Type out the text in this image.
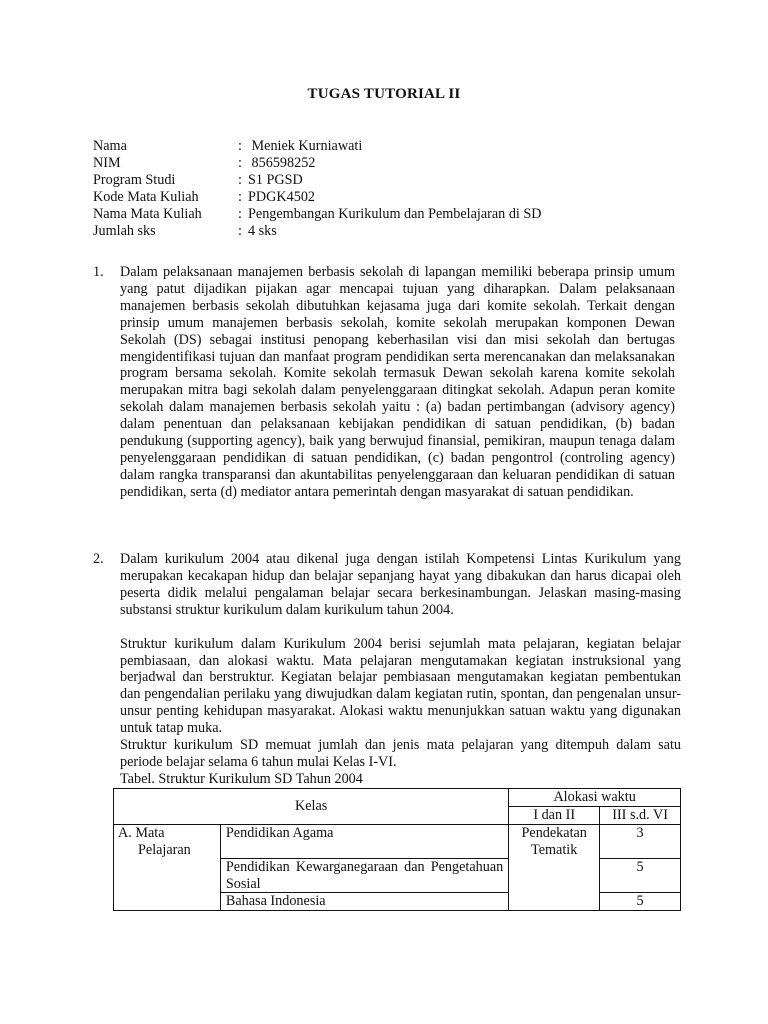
TUGAS TUTORIAL II
Nama	: Meniek Kurniawati
NIM	: 856598252
Program Studi	: S1 PGSD
Kode Mata Kuliah	: PDGK4502
Nama Mata Kuliah	: Pengembangan Kurikulum dan Pembelajaran di SD
Jumlah sks	: 4 sks
1.	Dalam pelaksanaan manajemen berbasis sekolah di lapangan memiliki beberapa prinsip umum yang patut dijadikan pijakan agar mencapai tujuan yang diharapkan. Dalam pelaksanaan manajemen berbasis sekolah dibutuhkan kejasama juga dari komite sekolah. Terkait dengan prinsip umum manajemen berbasis sekolah, komite sekolah merupakan komponen Dewan Sekolah (DS) sebagai institusi penopang keberhasilan visi dan misi sekolah dan bertugas mengidentifikasi tujuan dan manfaat program pendidikan serta merencanakan dan melaksanakan program bersama sekolah. Komite sekolah termasuk Dewan sekolah karena komite sekolah merupakan mitra bagi sekolah dalam penyelenggaraan ditingkat sekolah. Adapun peran komite sekolah dalam manajemen berbasis sekolah yaitu : (a) badan pertimbangan (advisory agency) dalam penentuan dan pelaksanaan kebijakan pendidikan di satuan pendidikan, (b) badan pendukung (supporting agency), baik yang berwujud finansial, pemikiran, maupun tenaga dalam penyelenggaraan pendidikan di satuan pendidikan, (c) badan pengontrol (controling agency) dalam rangka transparansi dan akuntabilitas penyelenggaraan dan keluaran pendidikan di satuan pendidikan, serta (d) mediator antara pemerintah dengan masyarakat di satuan pendidikan.

2.	Dalam kurikulum 2004 atau dikenal juga dengan istilah Kompetensi Lintas Kurikulum yang merupakan kecakapan hidup dan belajar sepanjang hayat yang dibakukan dan harus dicapai oleh peserta didik melalui pengalaman belajar secara berkesinambungan. Jelaskan masing-masing substansi struktur kurikulum dalam kurikulum tahun 2004.

Struktur kurikulum dalam Kurikulum 2004 berisi sejumlah mata pelajaran, kegiatan belajar pembiasaan, dan alokasi waktu. Mata pelajaran mengutamakan kegiatan instruksional yang berjadwal dan berstruktur. Kegiatan belajar pembiasaan mengutamakan kegiatan pembentukan dan pengendalian perilaku yang diwujudkan dalam kegiatan rutin, spontan, dan pengenalan unsur-unsur penting kehidupan masyarakat. Alokasi waktu menunjukkan satuan waktu yang digunakan untuk tatap muka.

Struktur kurikulum SD memuat jumlah dan jenis mata pelajaran yang ditempuh dalam satu periode belajar selama 6 tahun mulai Kelas I-VI.

Tabel. Struktur Kurikulum SD Tahun 2004

Kelas		Alokasi waktu	
		I dan II	III s.d. VI
A. Mata Pelajaran	Pendidikan Agama	Pendekatan Tematik	3
	Pendidikan Kewarganegaraan dan Pengetahuan Sosial		5
	Bahasa Indonesia		5
